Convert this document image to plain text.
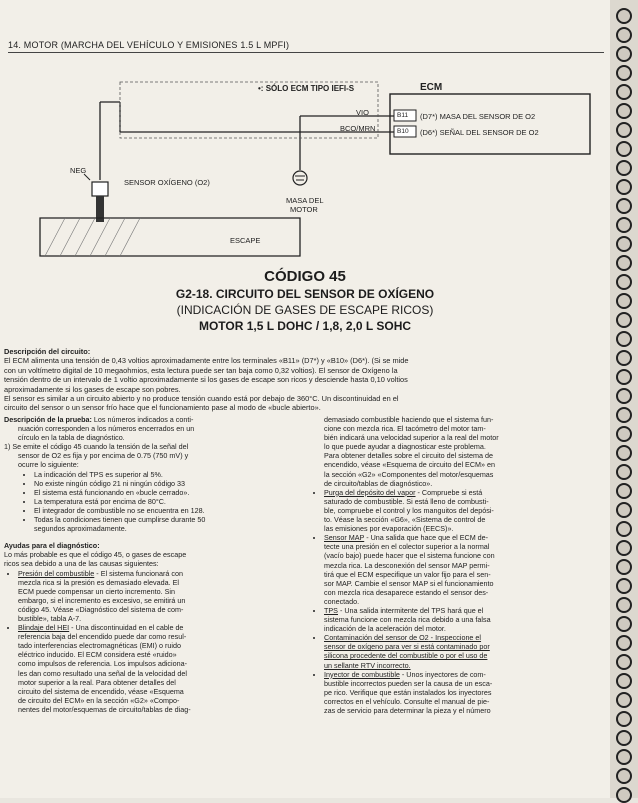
14. MOTOR (MARCHA DEL VEHÍCULO Y EMISIONES 1.5 L MPFI)
•: SÓLO ECM TIPO IEFI-S	ECM
VIO
BCO/MRN
B11
B10
(D7*) MASA DEL SENSOR DE O2
(D6*) SEÑAL DEL SENSOR DE O2
NEG
SENSOR OXÍGENO (O2)
MASA DEL
MOTOR
ESCAPE
CÓDIGO 45
G2-18. CIRCUITO DEL SENSOR DE OXÍGENO
(INDICACIÓN DE GASES DE ESCAPE RICOS)
MOTOR 1,5 L DOHC / 1,8, 2,0 L SOHC

Descripción del circuito:

El ECM alimenta una tensión de 0,43 voltios aproximadamente entre los terminales «B11» (D7*) y «B10» (D6*). (Si se mide

con un voltímetro digital de 10 megaohmios, esta lectura puede ser tan baja como 0,32 voltios). El sensor de Oxígeno la

tensión dentro de un intervalo de 1 voltio aproximadamente si los gases de escape son ricos y desciende hasta 0,10 voltios

aproximadamente si los gases de escape son pobres.

El sensor es similar a un circuito abierto y no produce tensión cuando está por debajo de 360°C. Un discontinuidad en el

circuito del sensor o un sensor frío hace que el funcionamiento pase al modo de «bucle abierto».

Descripción de la prueba: Los números indicados a conti-
nuación corresponden a los números encerrados en un
círculo en la tabla de diagnóstico.
1) Se emite el código 45 cuando la tensión de la señal del
sensor de O2 es fija y por encima de 0.75 (750 mV) y
ocurre lo siguiente:
• La indicación del TPS es superior al 5%.
• No existe ningún código 21 ni ningún código 33
• El sistema está funcionando en «bucle cerrado».
• La temperatura está por encima de 80°C.
• El integrador de combustible no se encuentra en 128.
• Todas la condiciones tienen que cumplirse durante 50
segundos aproximadamente.
Ayudas para el diagnóstico:
Lo más probable es que el código 45, o gases de escape
ricos sea debido a una de las causas siguientes:
• Presión del combustible - El sistema funcionará con
mezcla rica si la presión es demasiado elevada. El
ECM puede compensar un cierto incremento. Sin
embargo, si el incremento es excesivo, se emitirá un
código 45. Véase «Diagnóstico del sistema de com-
bustible», tabla A-7.
• Blindaje del HEI - Una discontinuidad en el cable de
referencia baja del encendido puede dar como resul-
tado interferencias electromagnéticas (EMI) o ruido
eléctrico inducido. El ECM considera esté «ruido»
como impulsos de referencia. Los impulsos adiciona-
les dan como resultado una señal de la velocidad del
motor superior a la real. Para obtener detalles del
circuito del sistema de encendido, véase «Esquema
de circuito del ECM» en la sección «G2» «Compo-
nentes del motor/esquemas de circuito/tablas de diag-
demasiado combustible haciendo que el sistema fun-
cione con mezcla rica. El tacómetro del motor tam-
bién indicará una velocidad superior a la real del motor
lo que puede ayudar a diagnosticar este problema.
Para obtener detalles sobre el circuito del sistema de
encendido, véase «Esquema de circuito del ECM» en
la sección «G2» «Componentes del motor/esquemas
de circuito/tablas de diagnóstico».
• Purga del depósito del vapor - Compruebe si está
saturado de combustible. Si está lleno de combusti-
ble, compruebe el control y los manguitos del depósi-
to. Véase la sección «G6», «Sistema de control de
las emisiones por evaporación (EECS)».
• Sensor MAP - Una salida que hace que el ECM de-
tecte una presión en el colector superior a la normal
(vacío bajo) puede hacer que el sistema funcione con
mezcla rica. La desconexión del sensor MAP permi-
tirá que el ECM especifique un valor fijo para el sen-
sor MAP. Cambie el sensor MAP si el funcionamiento
con mezcla rica desaparece estando el sensor des-
conectado.
• TPS - Una salida intermitente del TPS hará que el
sistema funcione con mezcla rica debido a una falsa
indicación de la aceleración del motor.
• Contaminación del sensor de O2 - Inspeccione el
sensor de oxígeno para ver si está contaminado por
silicona procedente del combustible o por el uso de
un sellante RTV incorrecto.
• Inyector de combustible - Unos inyectores de com-
bustible incorrectos pueden ser la causa de un esca-
pe rico. Verifique que están instalados los inyectores
correctos en el vehículo. Consulte el manual de pie-
zas de servicio para determinar la pieza y el número
